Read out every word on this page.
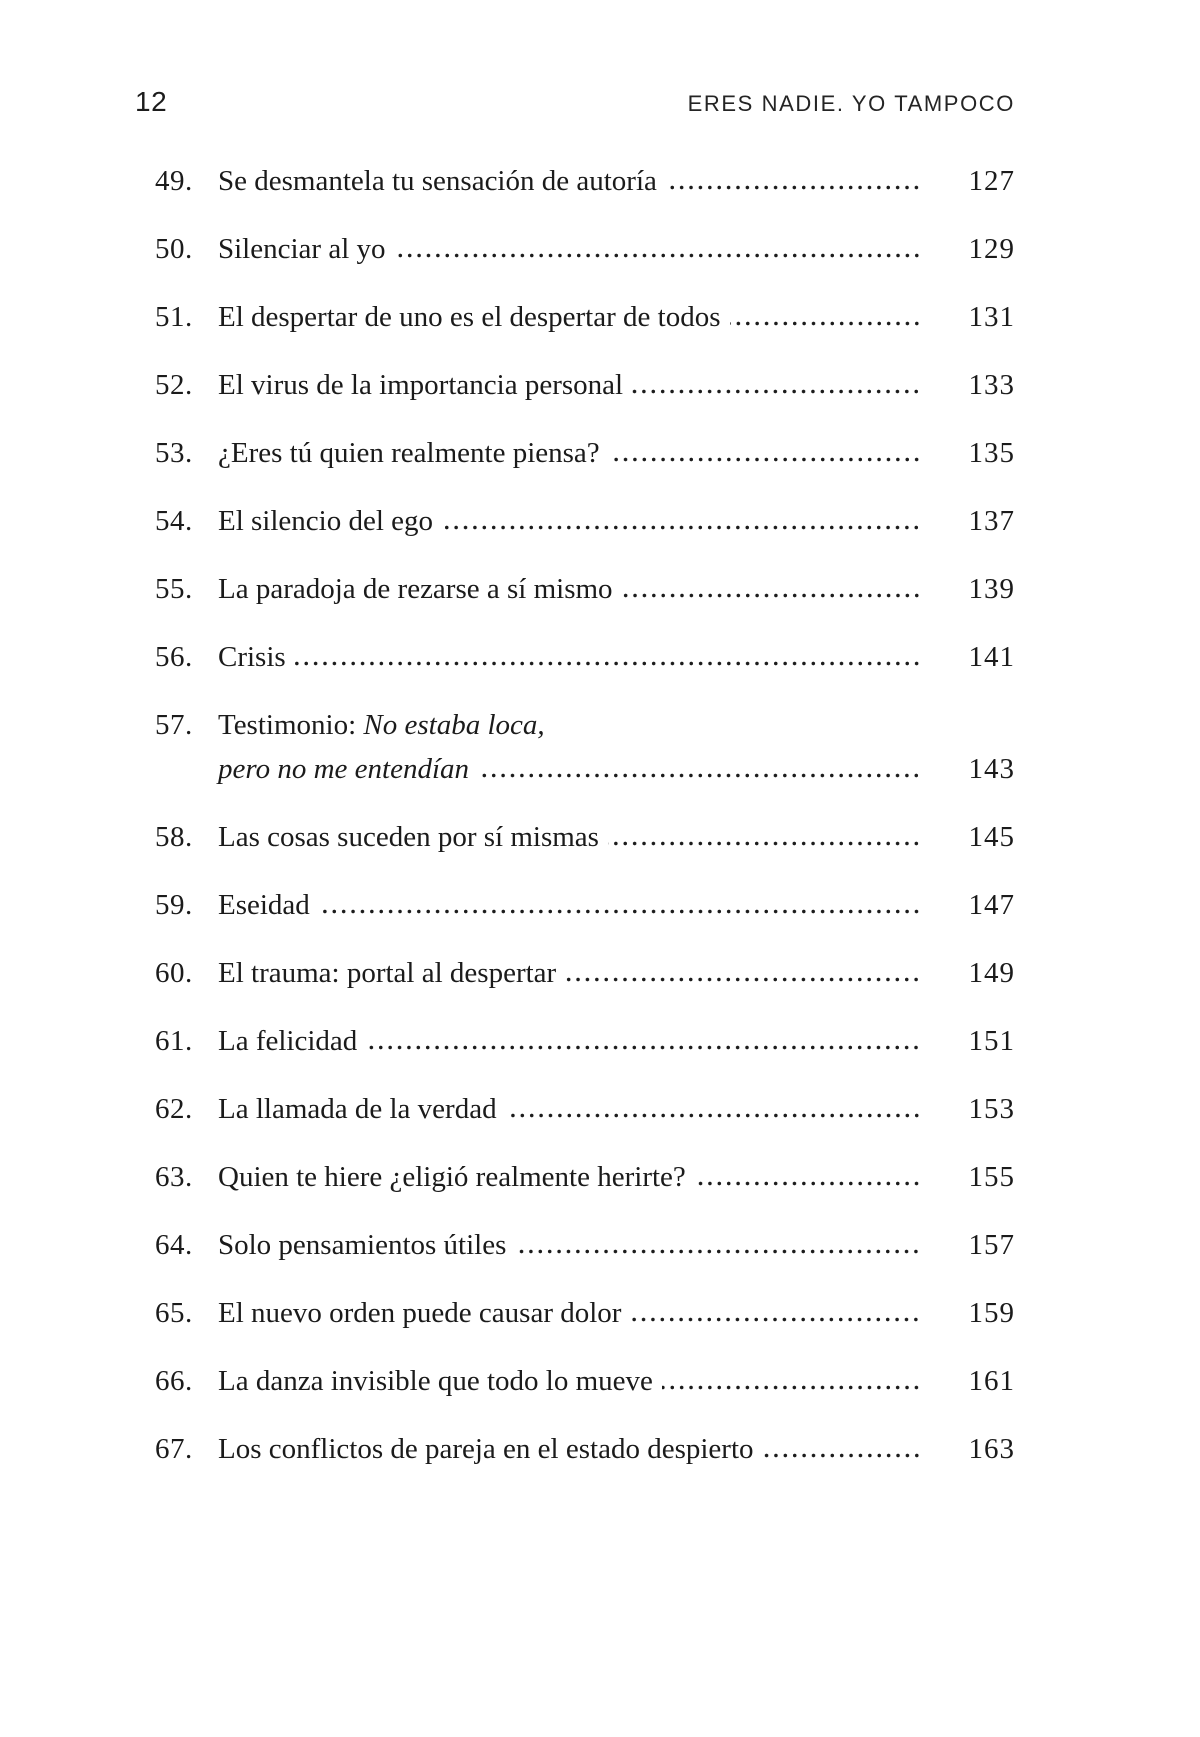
12	ERES NADIE. YO TAMPOCO
49. Se desmantela tu sensación de autoría	127
50. Silenciar al yo	129
51. El despertar de uno es el despertar de todos	131
52. El virus de la importancia personal	133
53. ¿Eres tú quien realmente piensa?	135
54. El silencio del ego	137
55. La paradoja de rezarse a sí mismo	139
56. Crisis	141
57. Testimonio: No estaba loca,
pero no me entendían	143
58. Las cosas suceden por sí mismas	145
59. Eseidad	147
60. El trauma: portal al despertar	149
61. La felicidad	151
62. La llamada de la verdad	153
63. Quien te hiere ¿eligió realmente herirte?	155
64. Solo pensamientos útiles	157
65. El nuevo orden puede causar dolor	159
66. La danza invisible que todo lo mueve	161
67. Los conflictos de pareja en el estado despierto	163
